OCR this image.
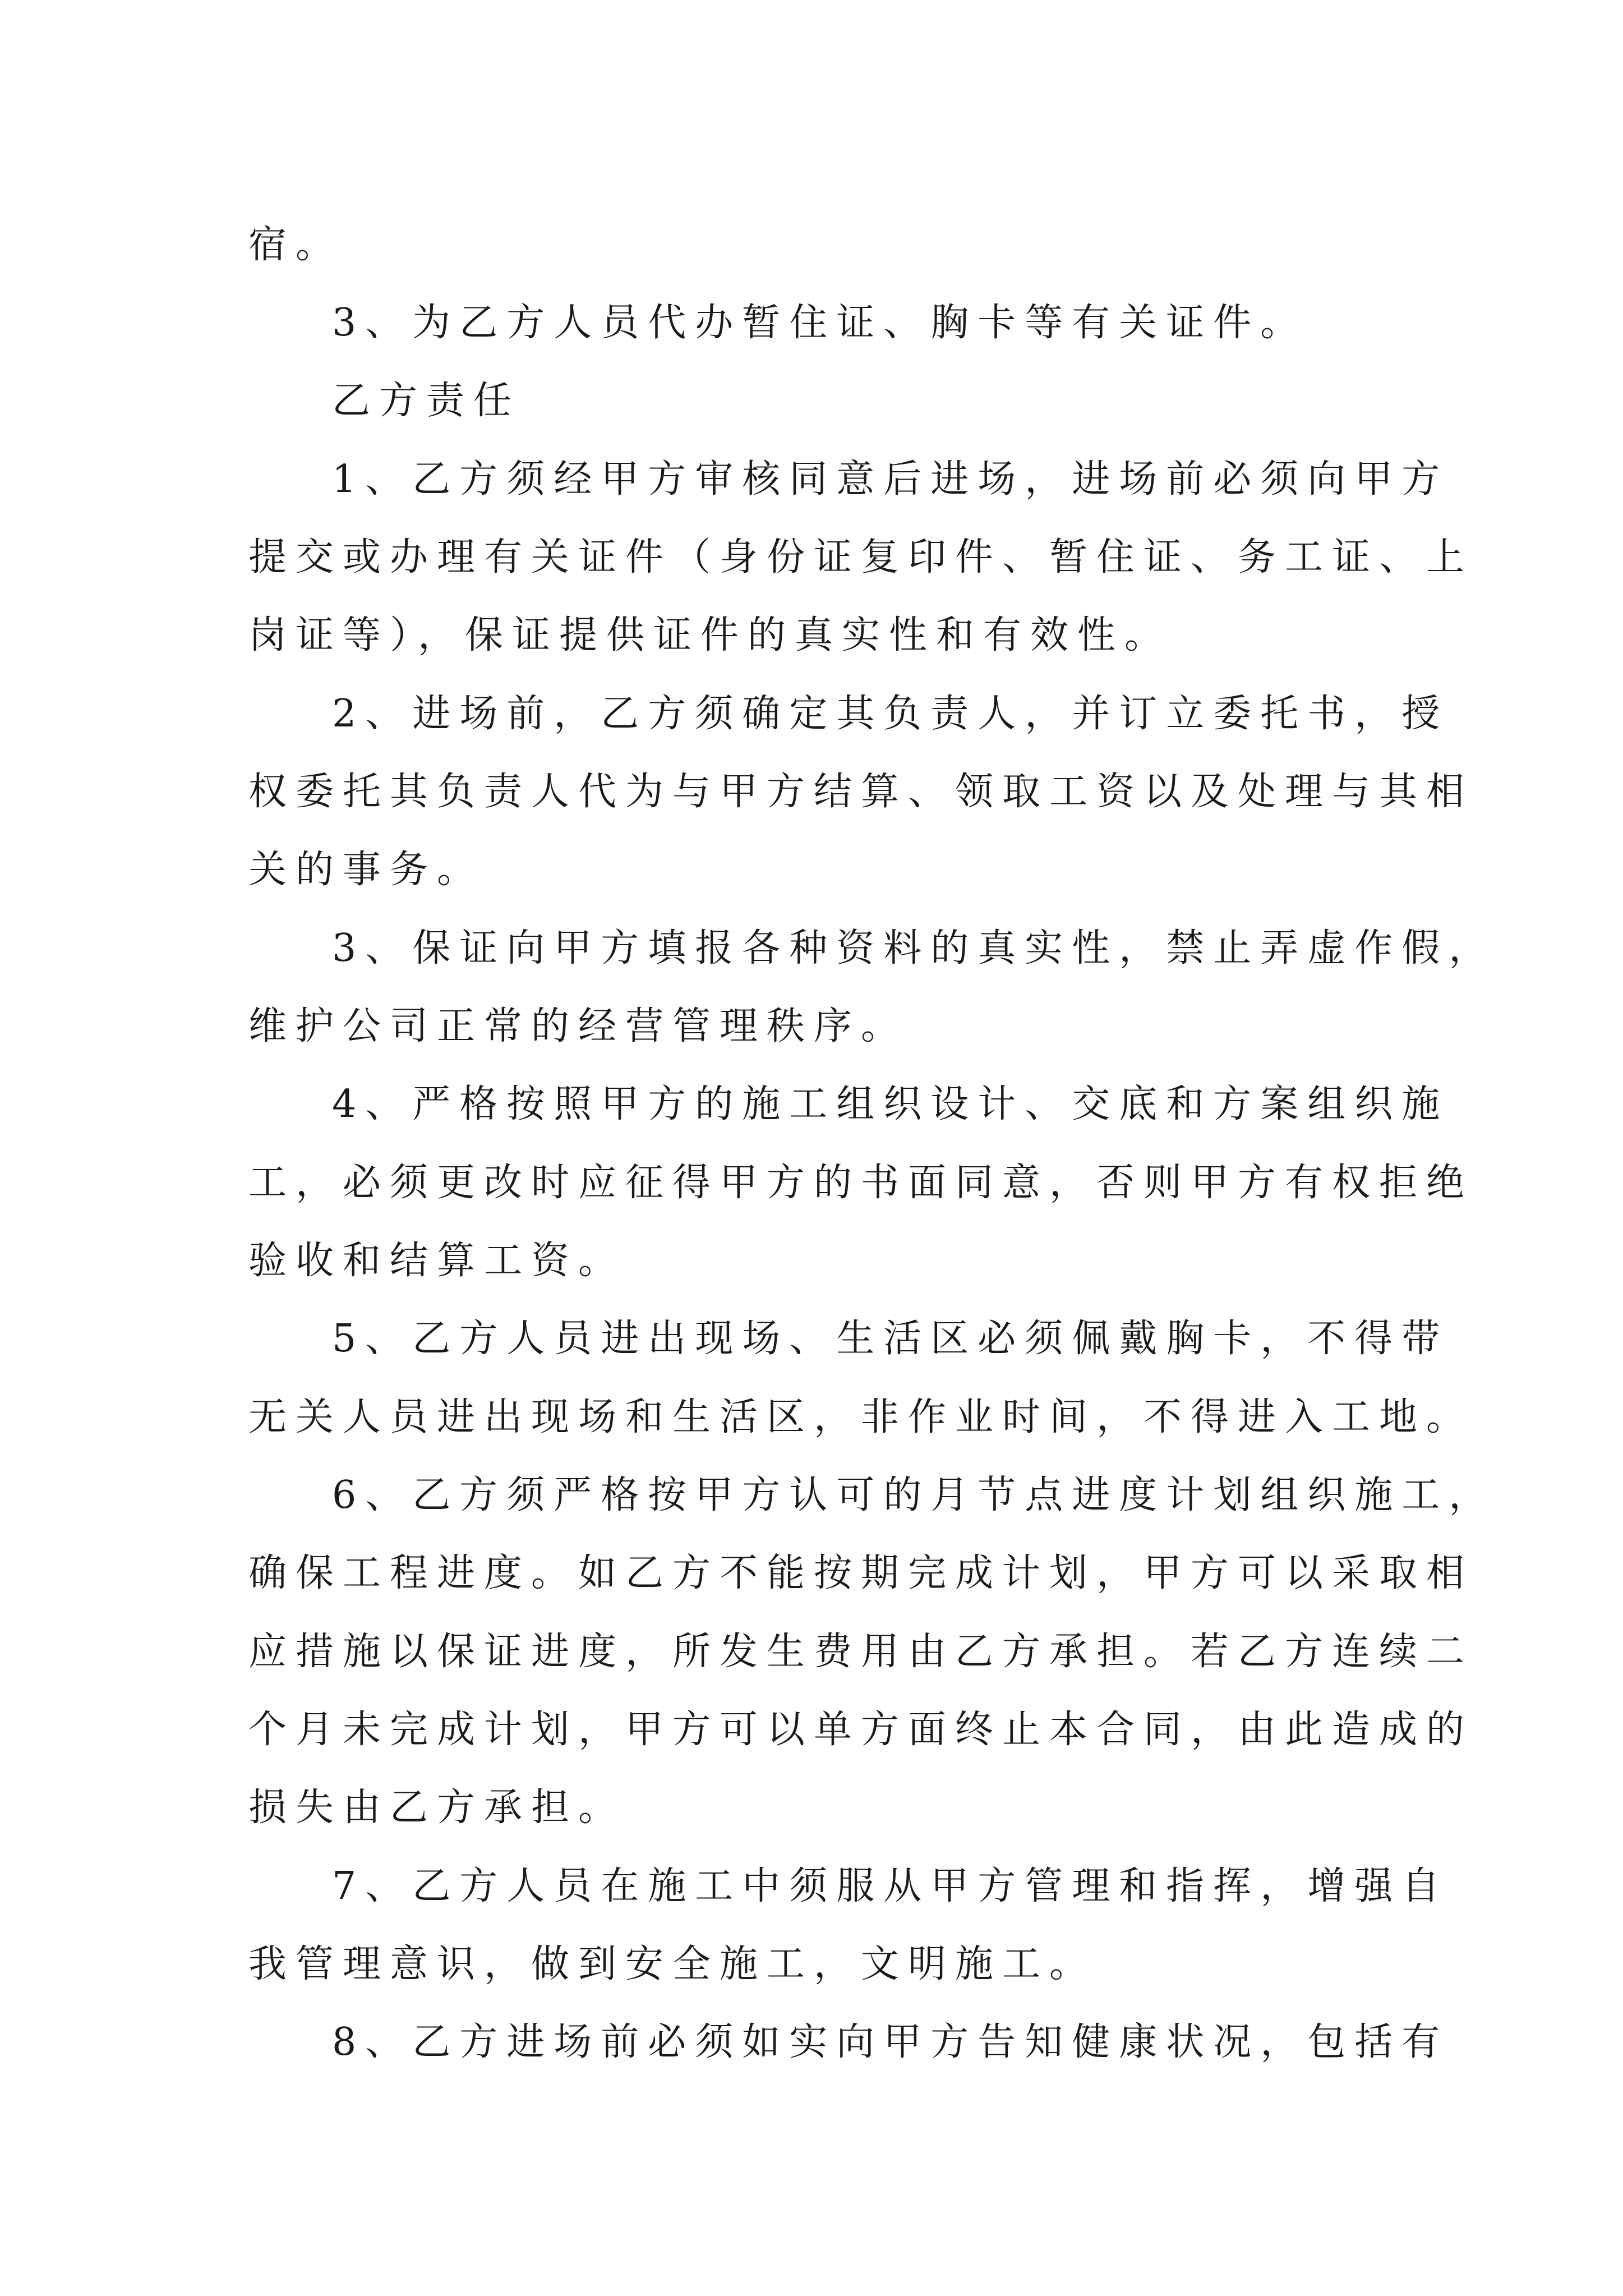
宿。
3、为乙方人员代办暂住证、胸卡等有关证件。
乙方责任
1、乙方须经甲方审核同意后进场，进场前必须向甲方
提交或办理有关证件（身份证复印件、暂住证、务工证、上
岗证等），保证提供证件的真实性和有效性。
2、进场前，乙方须确定其负责人，并订立委托书，授
权委托其负责人代为与甲方结算、领取工资以及处理与其相
关的事务。
3、保证向甲方填报各种资料的真实性，禁止弄虚作假，
维护公司正常的经营管理秩序。
4、严格按照甲方的施工组织设计、交底和方案组织施
工，必须更改时应征得甲方的书面同意，否则甲方有权拒绝
验收和结算工资。
5、乙方人员进出现场、生活区必须佩戴胸卡，不得带
无关人员进出现场和生活区，非作业时间，不得进入工地。
6、乙方须严格按甲方认可的月节点进度计划组织施工，
确保工程进度。如乙方不能按期完成计划，甲方可以采取相
应措施以保证进度，所发生费用由乙方承担。若乙方连续二
个月未完成计划，甲方可以单方面终止本合同，由此造成的
损失由乙方承担。
7、乙方人员在施工中须服从甲方管理和指挥，增强自
我管理意识，做到安全施工，文明施工。
8、乙方进场前必须如实向甲方告知健康状况，包括有
